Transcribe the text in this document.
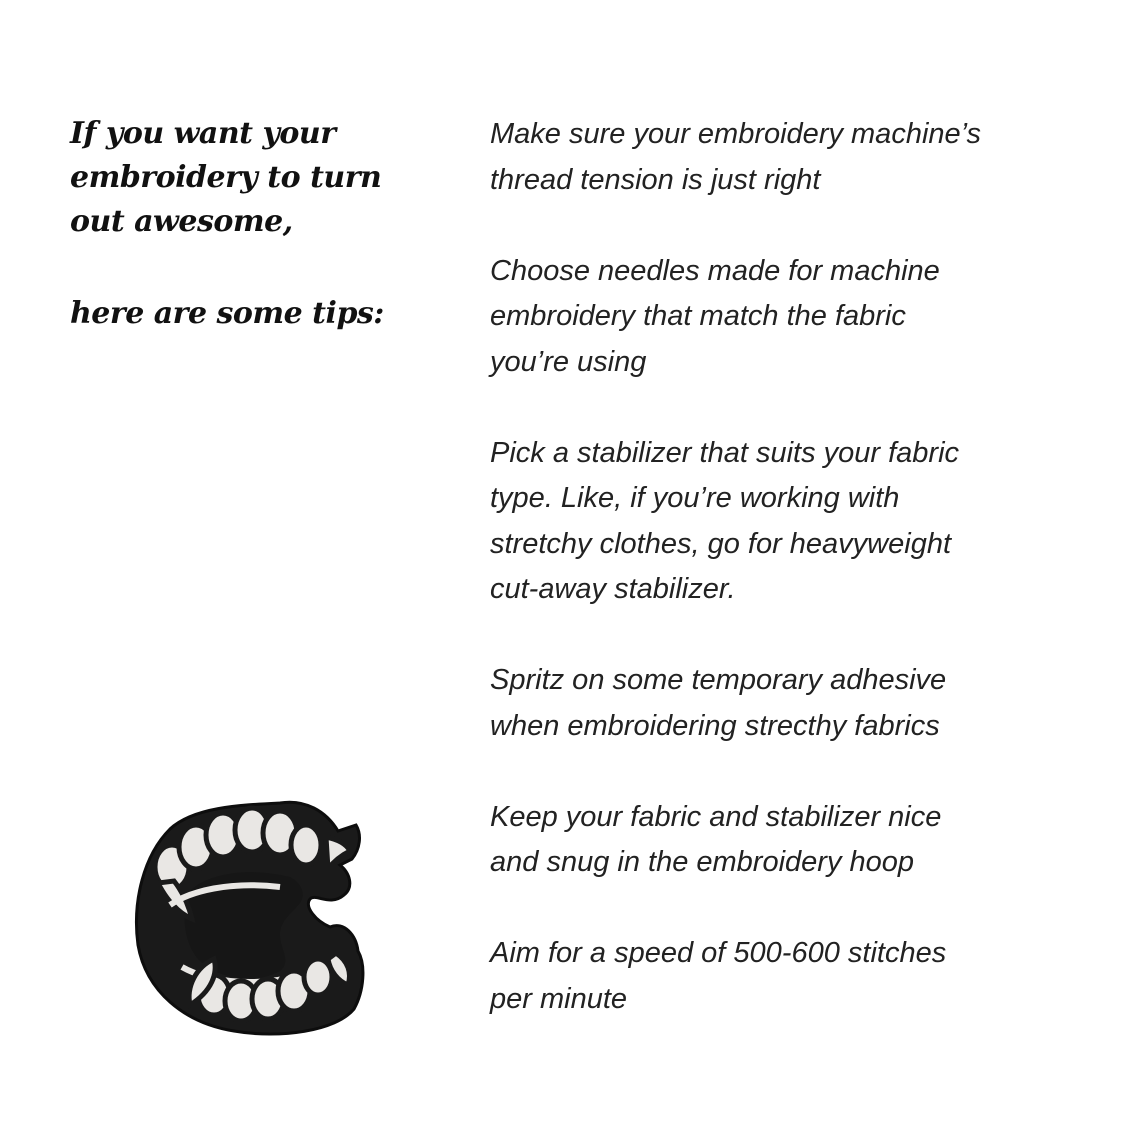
If you want your
embroidery to turn
out awesome,
here are some tips:

Make sure your embroidery machine’s
thread tension is just right

Choose needles made for machine
embroidery that match the fabric
you’re using

Pick a stabilizer that suits your fabric
type. Like, if you’re working with
stretchy clothes, go for heavyweight
cut-away stabilizer.

Spritz on some temporary adhesive
when embroidering strecthy fabrics

Keep your fabric and stabilizer nice
and snug in the embroidery hoop

Aim for a speed of 500-600 stitches
per minute
